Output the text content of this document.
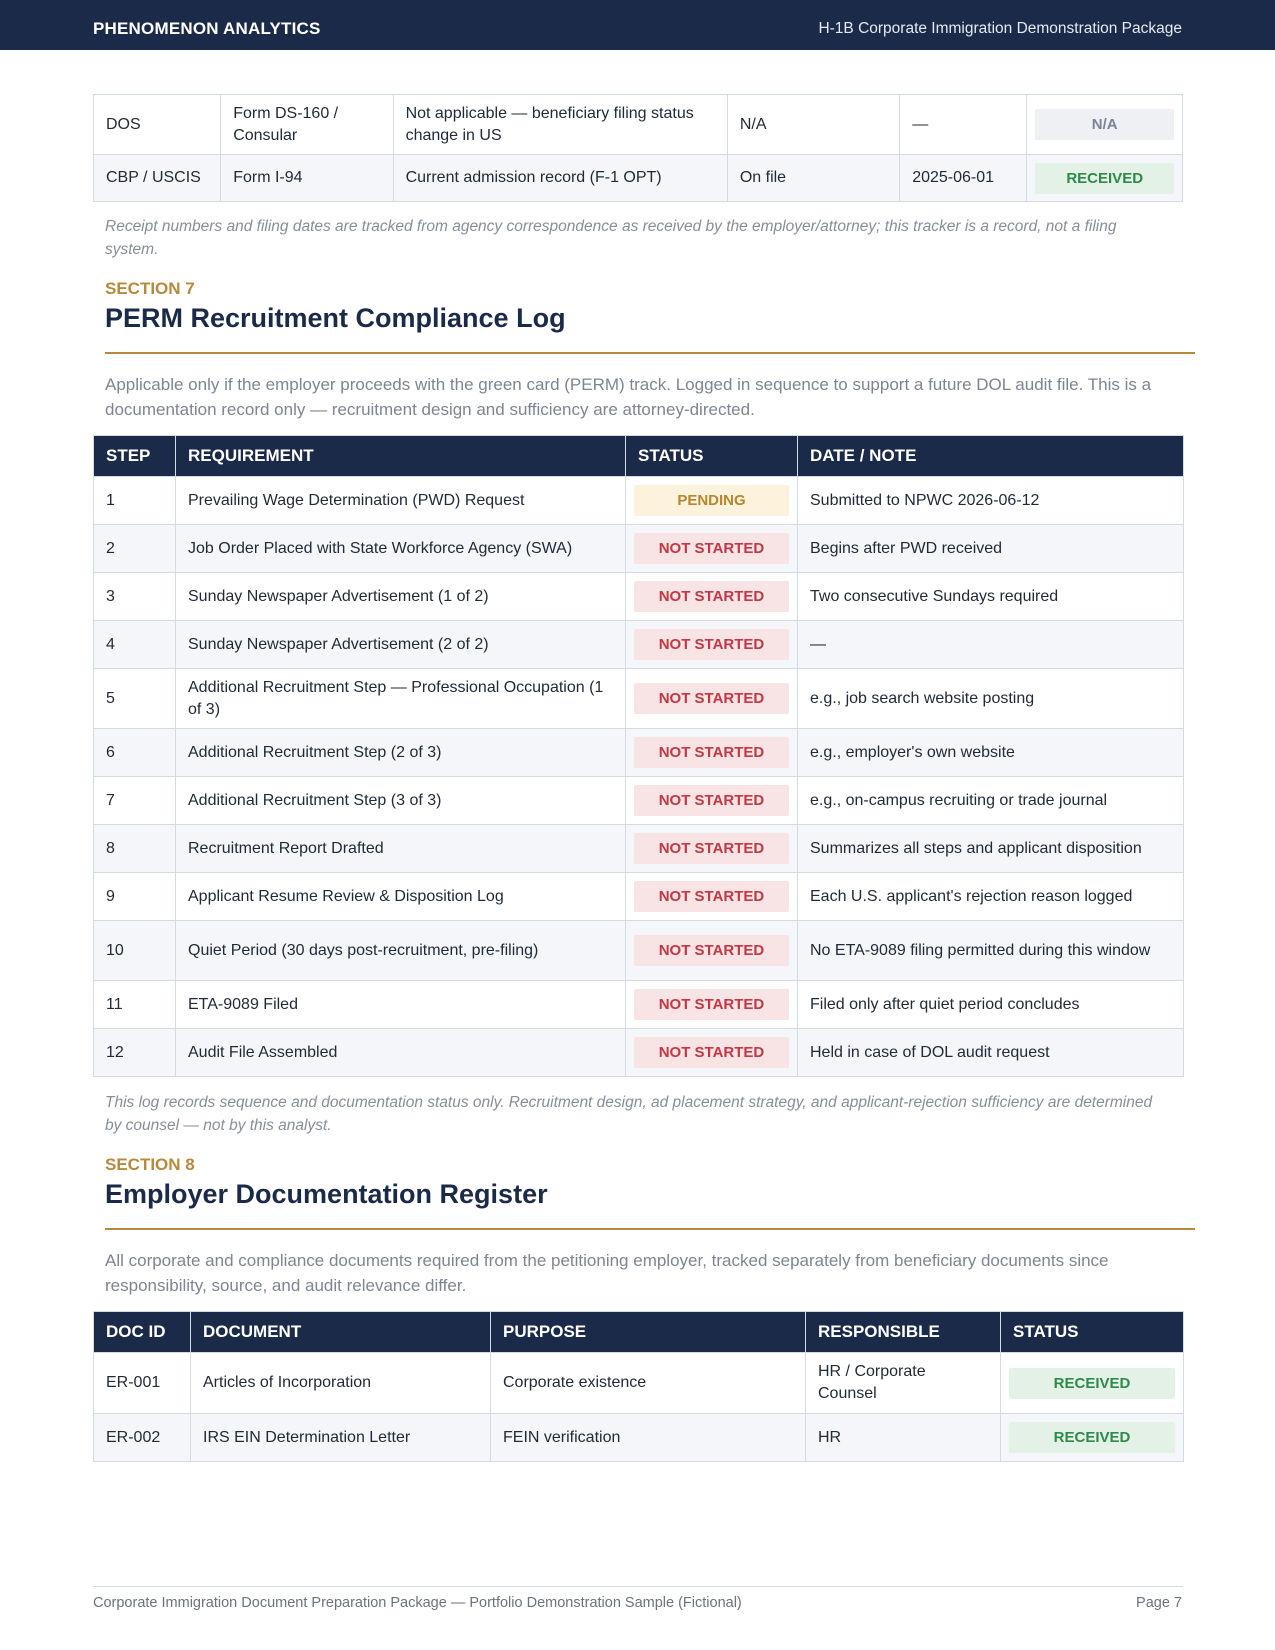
PHENOMENON ANALYTICS	H-1B Corporate Immigration Demonstration Package
DOS	Form DS-160 / Consular	Not applicable — beneficiary filing status change in US	N/A	—	N/A

CBP / USCIS	Form I-94	Current admission record (F-1 OPT)	On file	2025-06-01	RECEIVED
Receipt numbers and filing dates are tracked from agency correspondence as received by the employer/attorney; this tracker is a record, not a filing system.
SECTION 7
PERM Recruitment Compliance Log
Applicable only if the employer proceeds with the green card (PERM) track. Logged in sequence to support a future DOL audit file. This is a documentation record only — recruitment design and sufficiency are attorney-directed.
STEP	REQUIREMENT	STATUS	DATE / NOTE
1	Prevailing Wage Determination (PWD) Request	PENDING	Submitted to NPWC 2026-06-12
2	Job Order Placed with State Workforce Agency (SWA)	NOT STARTED	Begins after PWD received
3	Sunday Newspaper Advertisement (1 of 2)	NOT STARTED	Two consecutive Sundays required
4	Sunday Newspaper Advertisement (2 of 2)	NOT STARTED	—
5	Additional Recruitment Step — Professional Occupation (1 of 3)	NOT STARTED	e.g., job search website posting
6	Additional Recruitment Step (2 of 3)	NOT STARTED	e.g., employer's own website
7	Additional Recruitment Step (3 of 3)	NOT STARTED	e.g., on-campus recruiting or trade journal
8	Recruitment Report Drafted	NOT STARTED	Summarizes all steps and applicant disposition
9	Applicant Resume Review & Disposition Log	NOT STARTED	Each U.S. applicant's rejection reason logged
10	Quiet Period (30 days post-recruitment, pre-filing)	NOT STARTED	No ETA-9089 filing permitted during this window
11	ETA-9089 Filed	NOT STARTED	Filed only after quiet period concludes
12	Audit File Assembled	NOT STARTED	Held in case of DOL audit request
This log records sequence and documentation status only. Recruitment design, ad placement strategy, and applicant-rejection sufficiency are determined by counsel — not by this analyst.
SECTION 8
Employer Documentation Register
All corporate and compliance documents required from the petitioning employer, tracked separately from beneficiary documents since responsibility, source, and audit relevance differ.
DOC ID	DOCUMENT	PURPOSE	RESPONSIBLE	STATUS
ER-001	Articles of Incorporation	Corporate existence	HR / Corporate Counsel	RECEIVED

ER-002	IRS EIN Determination Letter	FEIN verification	HR	RECEIVED
Corporate Immigration Document Preparation Package — Portfolio Demonstration Sample (Fictional)	Page 7
